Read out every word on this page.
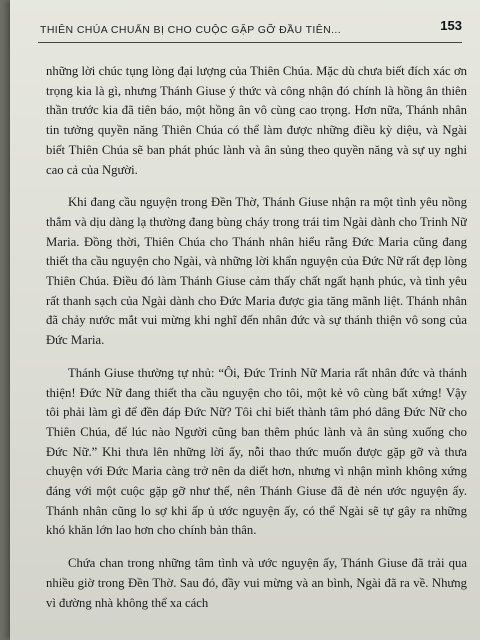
THIÊN CHÚA CHUẨN BỊ CHO CUỘC GẶP GỠ ĐẦU TIÊN...	153

những lời chúc tụng lòng đại lượng của Thiên Chúa. Mặc dù chưa biết đích xác ơn trọng kia là gì, nhưng Thánh Giuse ý thức và công nhận đó chính là hồng ân thiên thần trước kia đã tiên báo, một hồng ân vô cùng cao trọng. Hơn nữa, Thánh nhân tin tưởng quyền năng Thiên Chúa có thể làm được những điều kỳ diệu, và Ngài biết Thiên Chúa sẽ ban phát phúc lành và ân sủng theo quyền năng và sự uy nghi cao cả của Người.

Khi đang cầu nguyện trong Đền Thờ, Thánh Giuse nhận ra một tình yêu nồng thắm và dịu dàng lạ thường đang bùng cháy trong trái tim Ngài dành cho Trinh Nữ Maria. Đồng thời, Thiên Chúa cho Thánh nhân hiểu rằng Đức Maria cũng đang thiết tha cầu nguyện cho Ngài, và những lời khẩn nguyện của Đức Nữ rất đẹp lòng Thiên Chúa. Điều đó làm Thánh Giuse cảm thấy chất ngất hạnh phúc, và tình yêu rất thanh sạch của Ngài dành cho Đức Maria được gia tăng mãnh liệt. Thánh nhân đã chảy nước mắt vui mừng khi nghĩ đến nhân đức và sự thánh thiện vô song của Đức Maria.

Thánh Giuse thường tự nhủ: “Ôi, Đức Trinh Nữ Maria rất nhân đức và thánh thiện! Đức Nữ đang thiết tha cầu nguyện cho tôi, một kẻ vô cùng bất xứng! Vậy tôi phải làm gì để đền đáp Đức Nữ? Tôi chỉ biết thành tâm phó dâng Đức Nữ cho Thiên Chúa, để lúc nào Người cũng ban thêm phúc lành và ân sủng xuống cho Đức Nữ.” Khi thưa lên những lời ấy, nỗi thao thức muốn được gặp gỡ và thưa chuyện với Đức Maria càng trở nên da diết hơn, nhưng vì nhận mình không xứng đáng với một cuộc gặp gỡ như thế, nên Thánh Giuse đã đè nén ước nguyện ấy. Thánh nhân cũng lo sợ khi ấp ủ ước nguyện ấy, có thể Ngài sẽ tự gây ra những khó khăn lớn lao hơn cho chính bản thân.

Chứa chan trong những tâm tình và ước nguyện ấy, Thánh Giuse đã trải qua nhiều giờ trong Đền Thờ. Sau đó, đầy vui mừng và an bình, Ngài đã ra về. Nhưng vì đường nhà không thể xa cách
